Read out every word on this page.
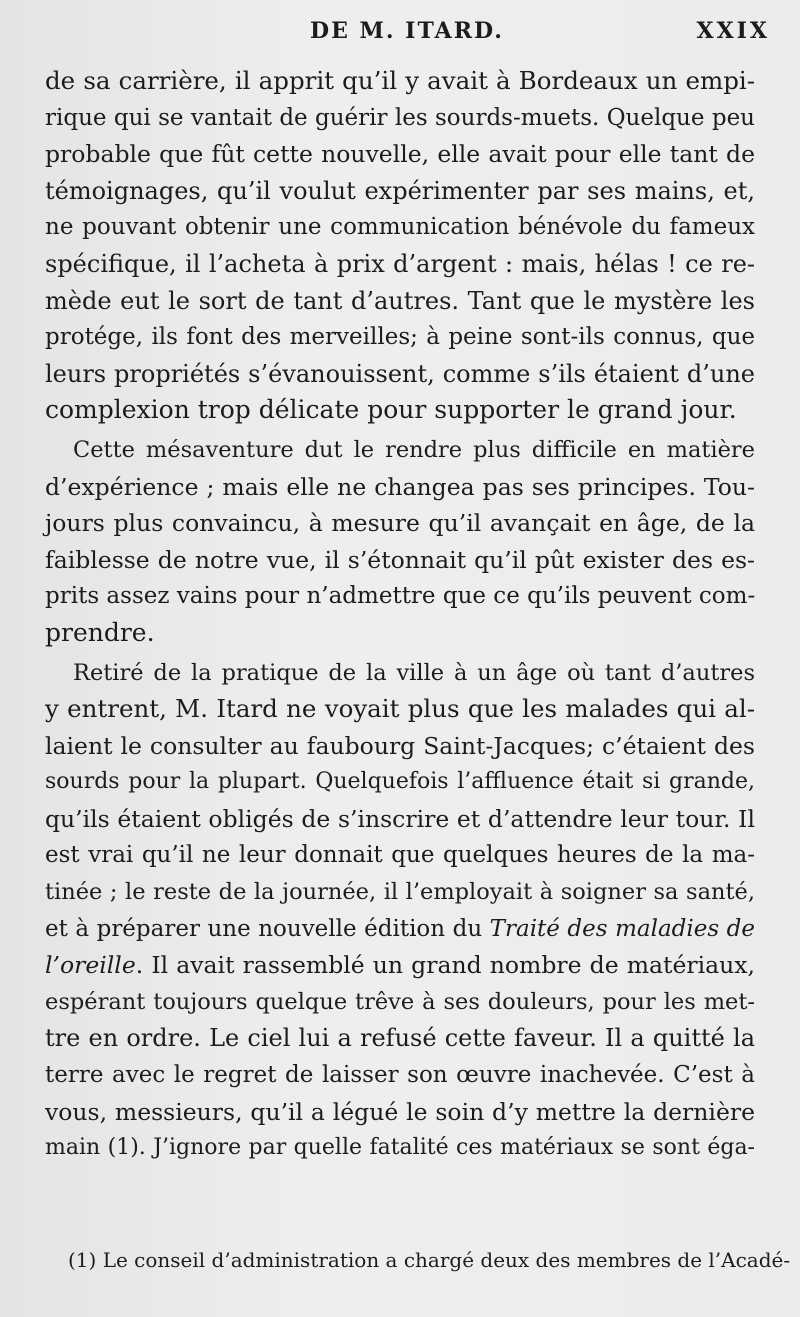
DE M. ITARD.	XXIX
de sa carrière, il apprit qu’il y avait à Bordeaux un empi-
rique qui se vantait de guérir les sourds-muets. Quelque peu
probable que fût cette nouvelle, elle avait pour elle tant de
témoignages, qu’il voulut expérimenter par ses mains, et,
ne pouvant obtenir une communication bénévole du fameux
spécifique, il l’acheta à prix d’argent : mais, hélas ! ce re-
mède eut le sort de tant d’autres. Tant que le mystère les
protége, ils font des merveilles; à peine sont-ils connus, que
leurs propriétés s’évanouissent, comme s’ils étaient d’une
complexion trop délicate pour supporter le grand jour.
Cette mésaventure dut le rendre plus difficile en matière
d’expérience ; mais elle ne changea pas ses principes. Tou-
jours plus convaincu, à mesure qu’il avançait en âge, de la
faiblesse de notre vue, il s’étonnait qu’il pût exister des es-
prits assez vains pour n’admettre que ce qu’ils peuvent com-
prendre.
Retiré de la pratique de la ville à un âge où tant d’autres
y entrent, M. Itard ne voyait plus que les malades qui al-
laient le consulter au faubourg Saint-Jacques; c’étaient des
sourds pour la plupart. Quelquefois l’affluence était si grande,
qu’ils étaient obligés de s’inscrire et d’attendre leur tour. Il
est vrai qu’il ne leur donnait que quelques heures de la ma-
tinée ; le reste de la journée, il l’employait à soigner sa santé,
et à préparer une nouvelle édition du Traité des maladies de
l’oreille. Il avait rassemblé un grand nombre de matériaux,
espérant toujours quelque trêve à ses douleurs, pour les met-
tre en ordre. Le ciel lui a refusé cette faveur. Il a quitté la
terre avec le regret de laisser son œuvre inachevée. C’est à
vous, messieurs, qu’il a légué le soin d’y mettre la dernière
main (1). J’ignore par quelle fatalité ces matériaux se sont éga-
(1) Le conseil d’administration a chargé deux des membres de l’Acadé-
